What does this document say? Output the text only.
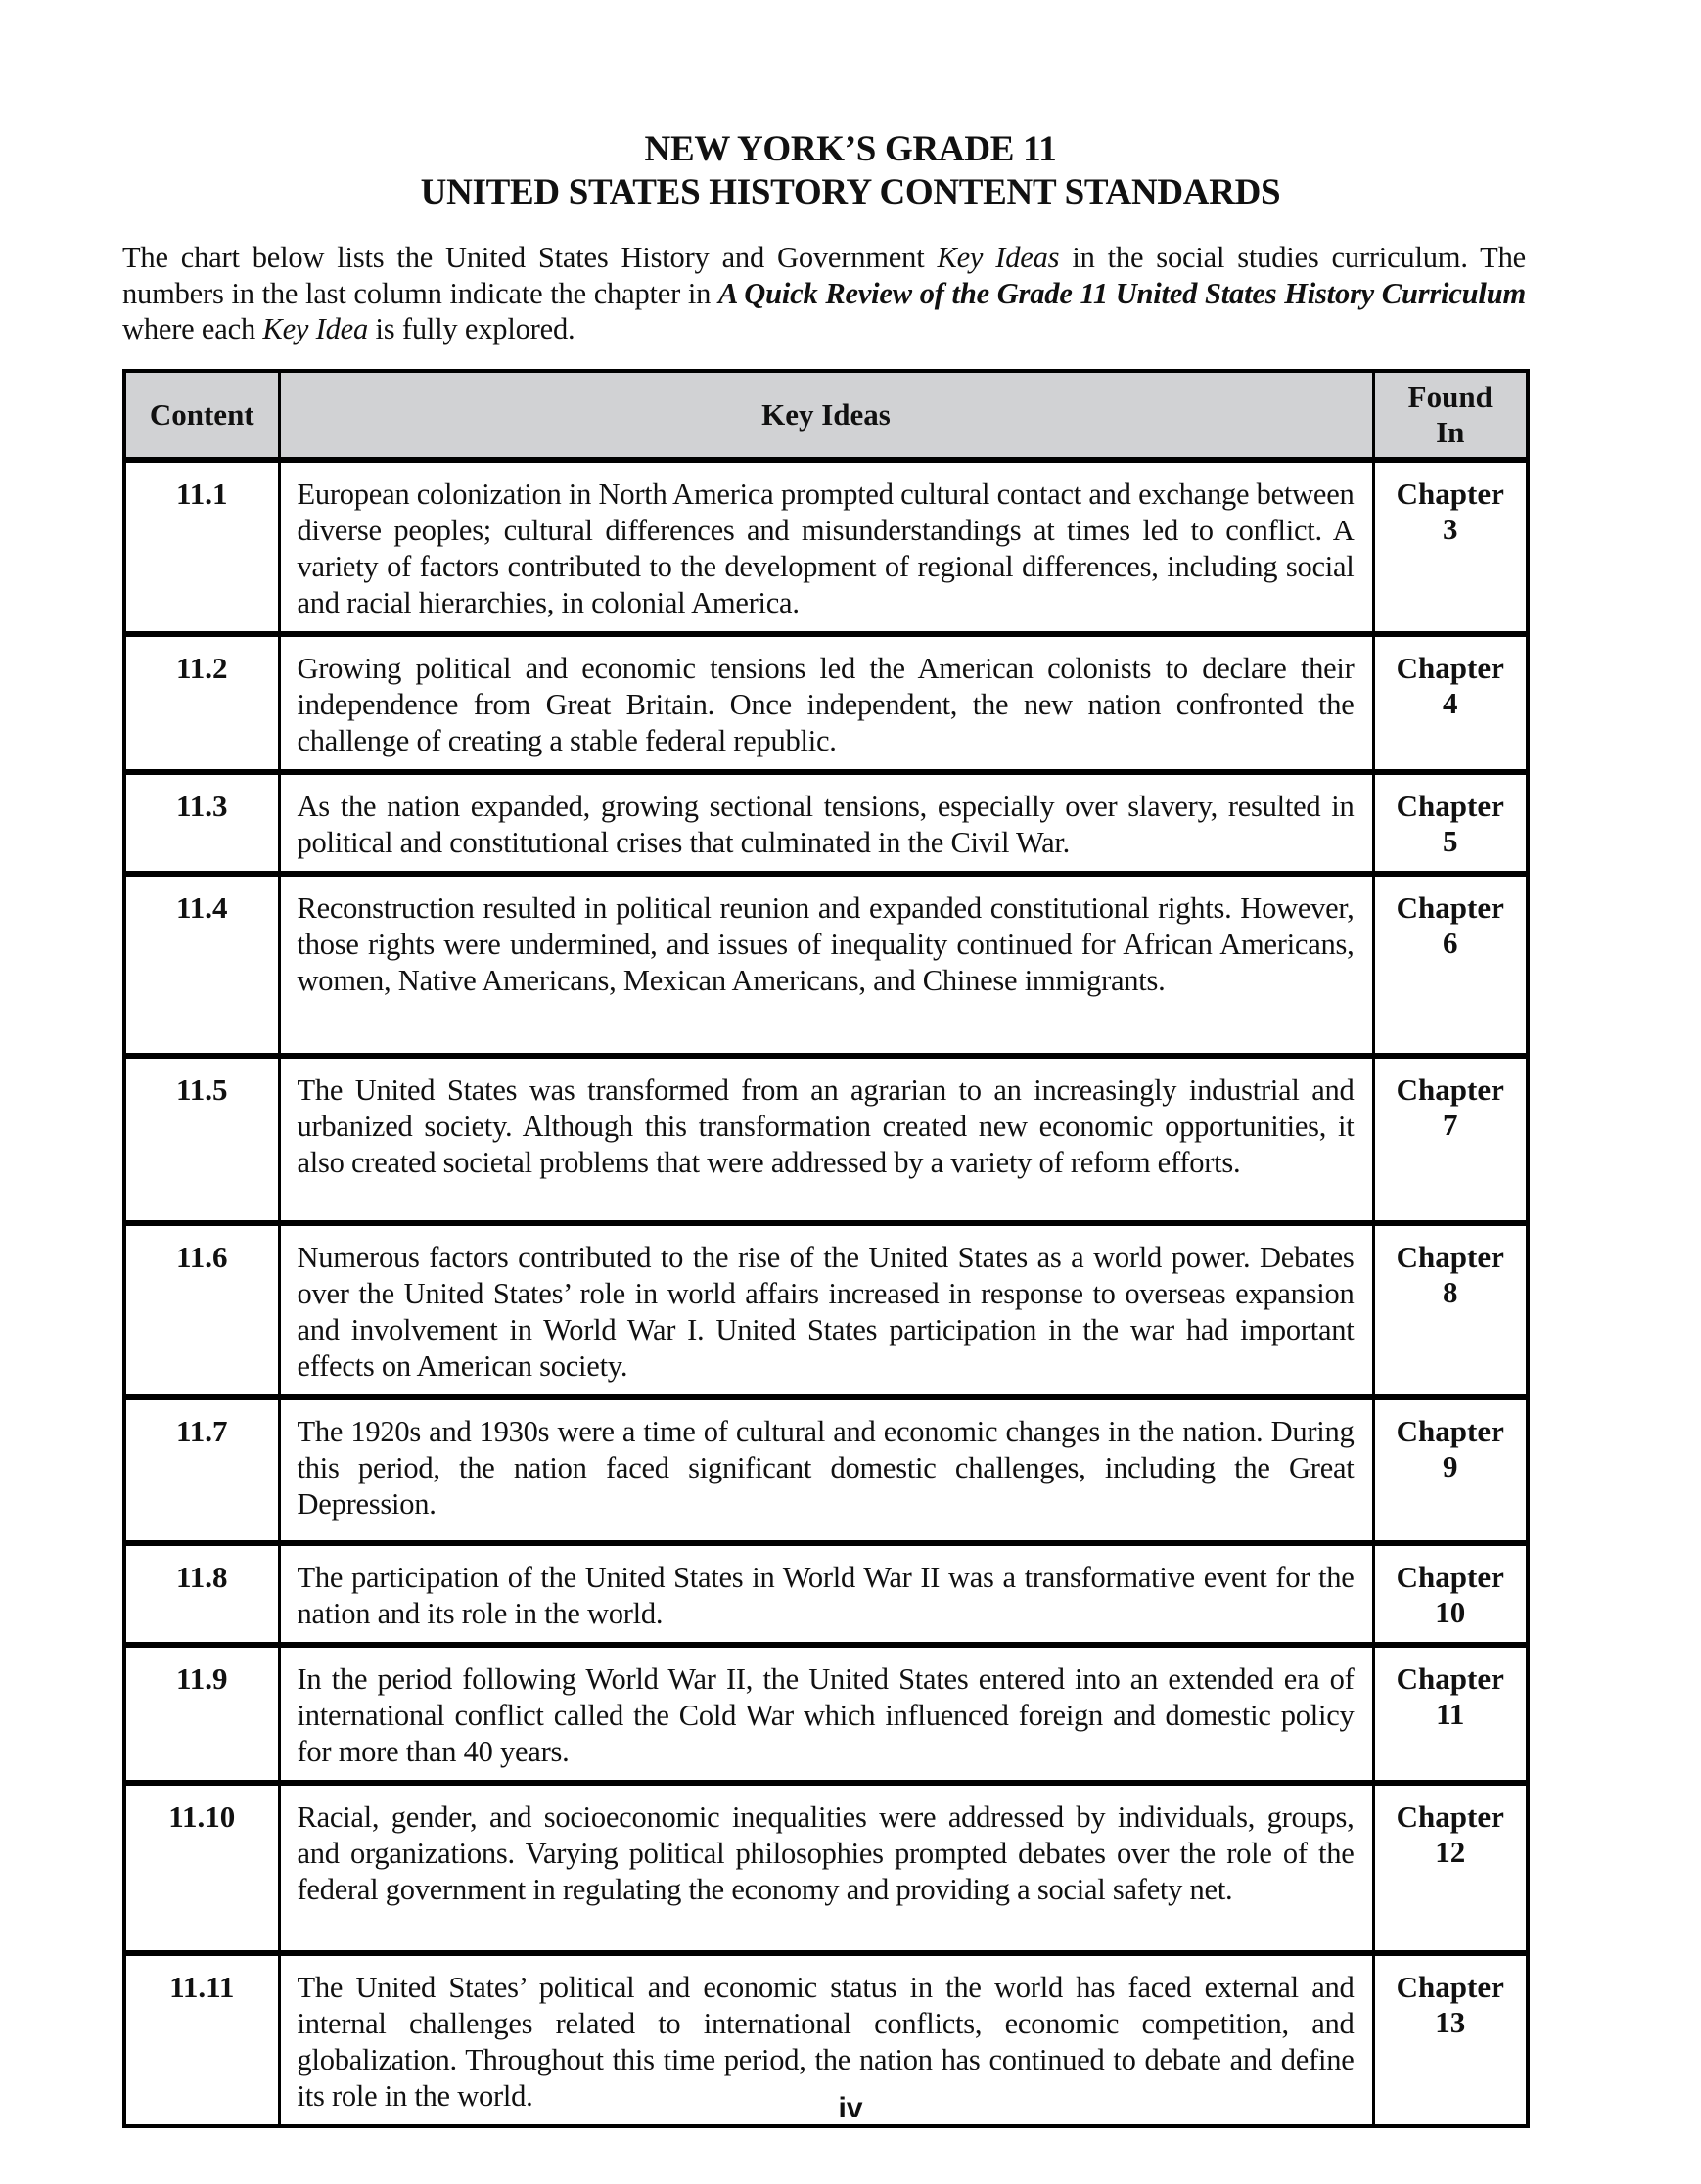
NEW YORK’S GRADE 11
UNITED STATES HISTORY CONTENT STANDARDS
The chart below lists the United States History and Government Key Ideas in the social studies curriculum. The numbers in the last column indicate the chapter in A Quick Review of the Grade 11 United States History Curriculum where each Key Idea is fully explored.
Content	Key Ideas	Found
In

11.1	European colonization in North America prompted cultural contact and exchange between diverse peoples; cultural differences and misunderstandings at times led to conflict. A variety of factors contributed to the development of regional differences, including social and racial hierarchies, in colonial America.	Chapter
3

11.2	Growing political and economic tensions led the American colonists to declare their independence from Great Britain. Once independent, the new nation confronted the challenge of creating a stable federal republic.	Chapter
4

11.3	As the nation expanded, growing sectional tensions, especially over slavery, resulted in political and constitutional crises that culminated in the Civil War.	Chapter
5

11.4	Reconstruction resulted in political reunion and expanded constitutional rights. However, those rights were undermined, and issues of inequality continued for African Americans, women, Native Americans, Mexican Americans, and Chinese immigrants.	Chapter
6

11.5	The United States was transformed from an agrarian to an increasingly industrial and urbanized society. Although this transformation created new economic opportunities, it also created societal problems that were addressed by a variety of reform efforts.	Chapter
7

11.6	Numerous factors contributed to the rise of the United States as a world power. Debates over the United States’ role in world affairs increased in response to overseas expansion and involvement in World War I. United States participation in the war had important effects on American society.	Chapter
8

11.7	The 1920s and 1930s were a time of cultural and economic changes in the nation. During this period, the nation faced significant domestic challenges, including the Great Depression.	Chapter
9

11.8	The participation of the United States in World War II was a transformative event for the nation and its role in the world.	Chapter
10

11.9	In the period following World War II, the United States entered into an extended era of international conflict called the Cold War which influenced foreign and domestic policy for more than 40 years.	Chapter
11

11.10	Racial, gender, and socioeconomic inequalities were addressed by individuals, groups, and organizations. Varying political philosophies prompted debates over the role of the federal government in regulating the economy and providing a social safety net.	Chapter
12

11.11	The United States’ political and economic status in the world has faced external and internal challenges related to international conflicts, economic competition, and globalization. Throughout this time period, the nation has continued to debate and define its role in the world.	Chapter
13
iv
